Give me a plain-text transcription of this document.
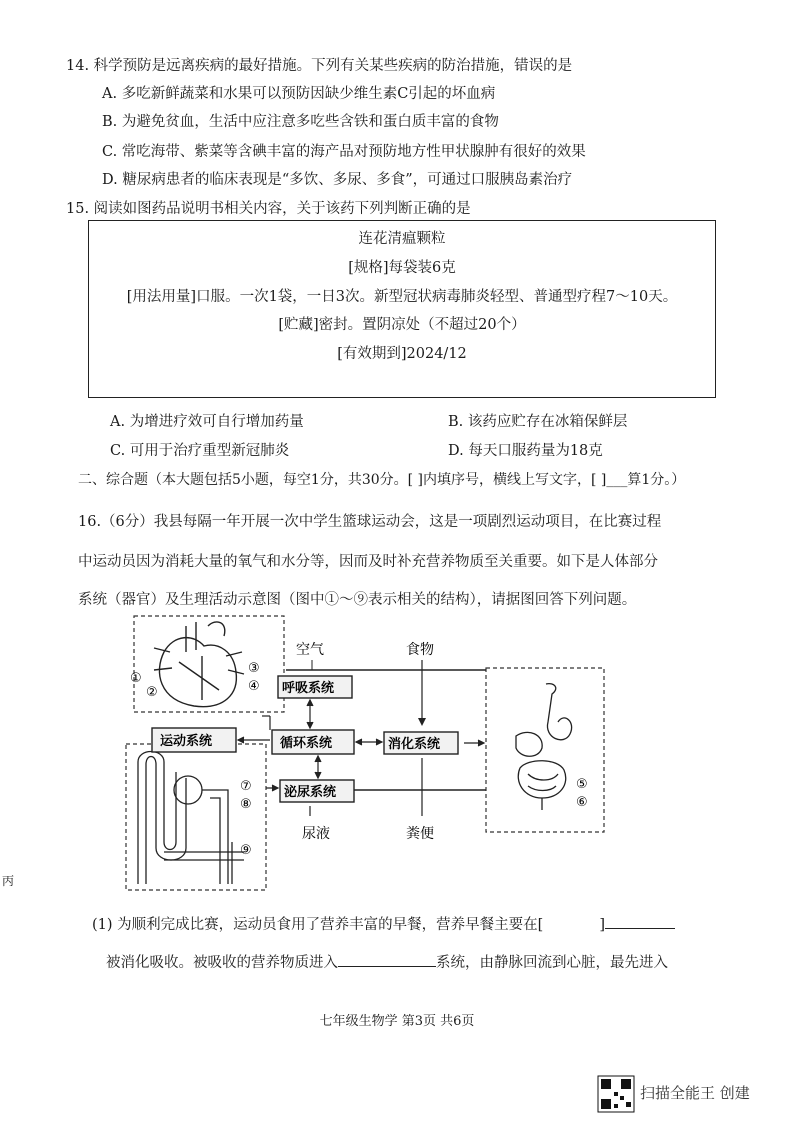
14. 科学预防是远离疾病的最好措施。下列有关某些疾病的防治措施，错误的是
A. 多吃新鲜蔬菜和水果可以预防因缺少维生素C引起的坏血病
B. 为避免贫血，生活中应注意多吃些含铁和蛋白质丰富的食物
C. 常吃海带、紫菜等含碘丰富的海产品对预防地方性甲状腺肿有很好的效果
D. 糖尿病患者的临床表现是“多饮、多尿、多食”，可通过口服胰岛素治疗
15. 阅读如图药品说明书相关内容，关于该药下列判断正确的是
连花清瘟颗粒
[规格]每袋装6克
[用法用量]口服。一次1袋，一日3次。新型冠状病毒肺炎轻型、普通型疗程7～10天。
[贮藏]密封。置阴凉处（不超过20个）
[有效期到]2024/12
A. 为增进疗效可自行增加药量	B. 该药应贮存在冰箱保鲜层
C. 可用于治疗重型新冠肺炎	D. 每天口服药量为18克
二、综合题（本大题包括5小题，每空1分，共30分。[ ]内填序号，横线上写文字，[ ]___算1分。）
16.（6分）我县每隔一年开展一次中学生篮球运动会，这是一项剧烈运动项目，在比赛过程
中运动员因为消耗大量的氧气和水分等，因而及时补充营养物质至关重要。如下是人体部分
系统（器官）及生理活动示意图（图中①～⑨表示相关的结构），请据图回答下列问题。
①
②
③
④
⑦
⑧
⑨
⑤
⑥
空气	食物
呼吸系统
循环系统	消化系统
运动系统
泌尿系统
尿液	粪便
(1) 为顺利完成比赛，运动员食用了营养丰富的早餐，营养早餐主要在[	]
被消化吸收。被吸收的营养物质进入	系统，由静脉回流到心脏，最先进入
丙
七年级生物学 第3页 共6页
扫描全能王 创建
